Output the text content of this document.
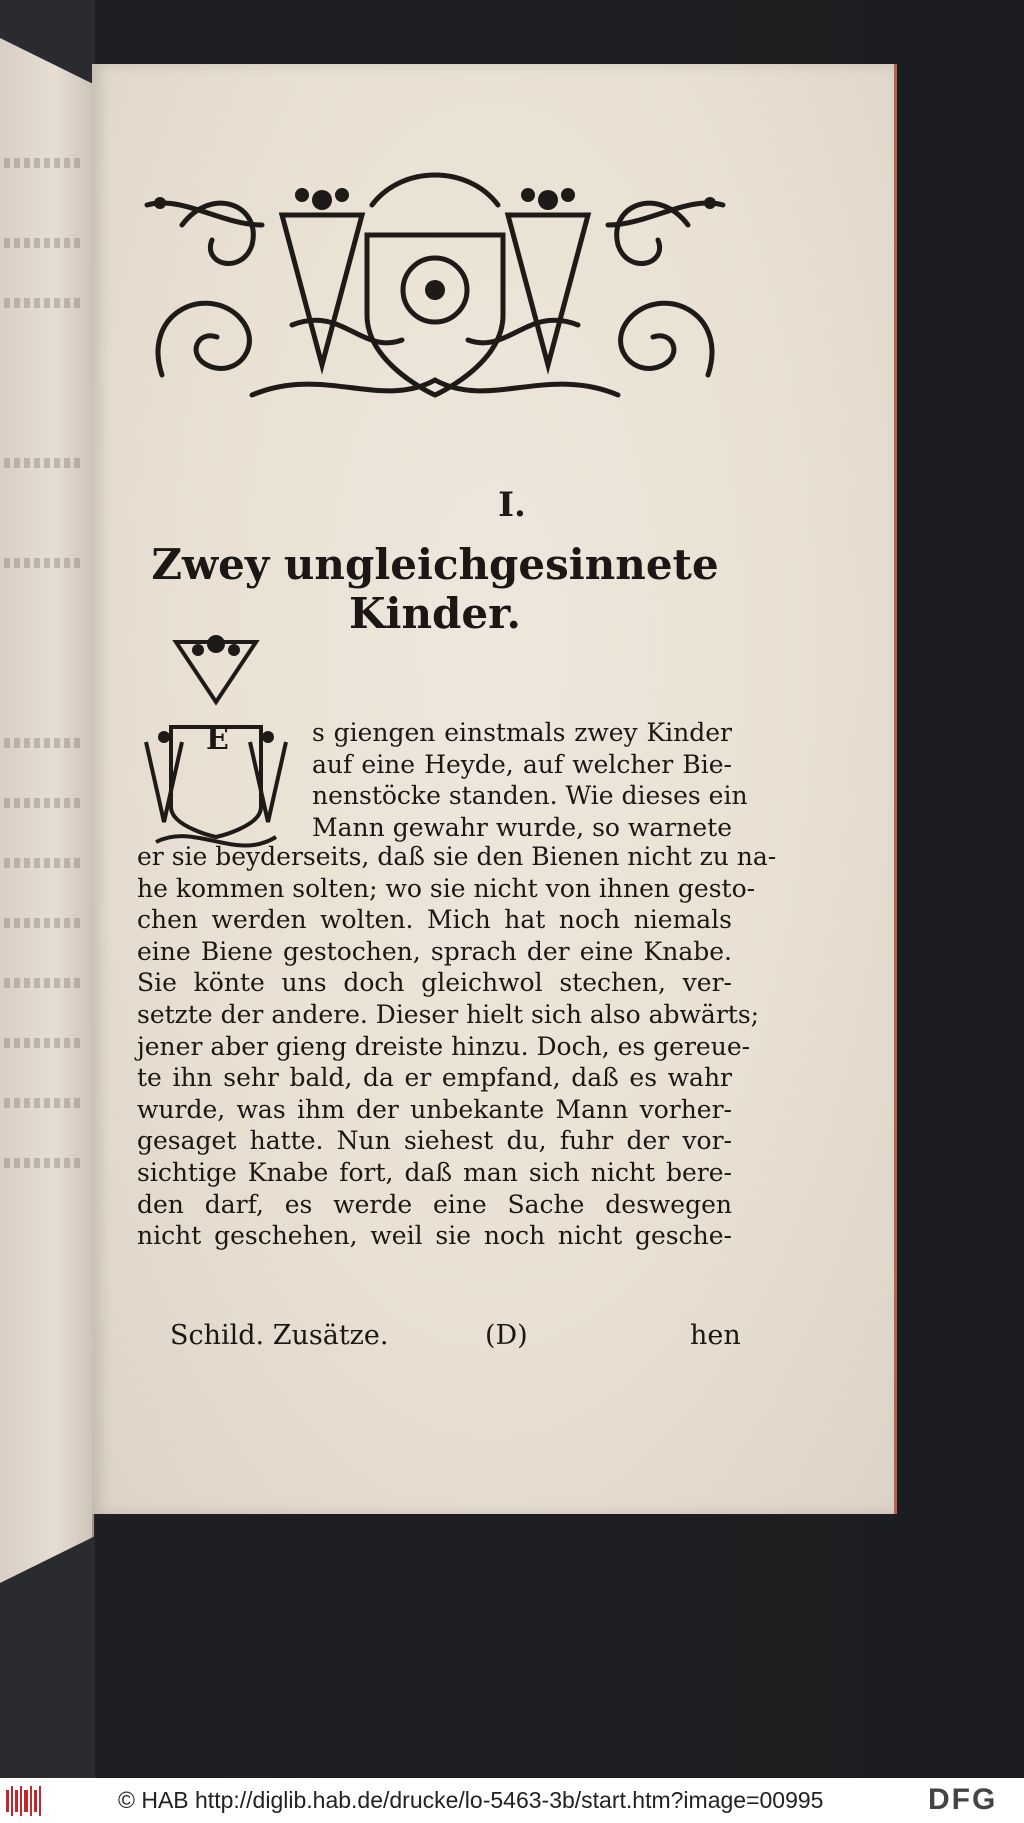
I.
Zwey ungleichgesinnete Kinder.
E	s giengen einstmals zwey Kinder
auf eine Heyde, auf welcher Bie-
nenstöcke standen. Wie dieses ein
Mann gewahr wurde, so warnete
er sie beyderseits, daß sie den Bienen nicht zu na-
he kommen solten; wo sie nicht von ihnen gesto-
chen werden wolten. Mich hat noch niemals
eine Biene gestochen, sprach der eine Knabe.
Sie könte uns doch gleichwol stechen, ver-
setzte der andere. Dieser hielt sich also abwärts;
jener aber gieng dreiste hinzu. Doch, es gereue-
te ihn sehr bald, da er empfand, daß es wahr
wurde, was ihm der unbekante Mann vorher-
gesaget hatte. Nun siehest du, fuhr der vor-
sichtige Knabe fort, daß man sich nicht bere-
den darf, es werde eine Sache deswegen
nicht geschehen, weil sie noch nicht gesche-
Schild. Zusätze.	(D)	hen
© HAB http://diglib.hab.de/drucke/lo-5463-3b/start.htm?image=00995	DFG
